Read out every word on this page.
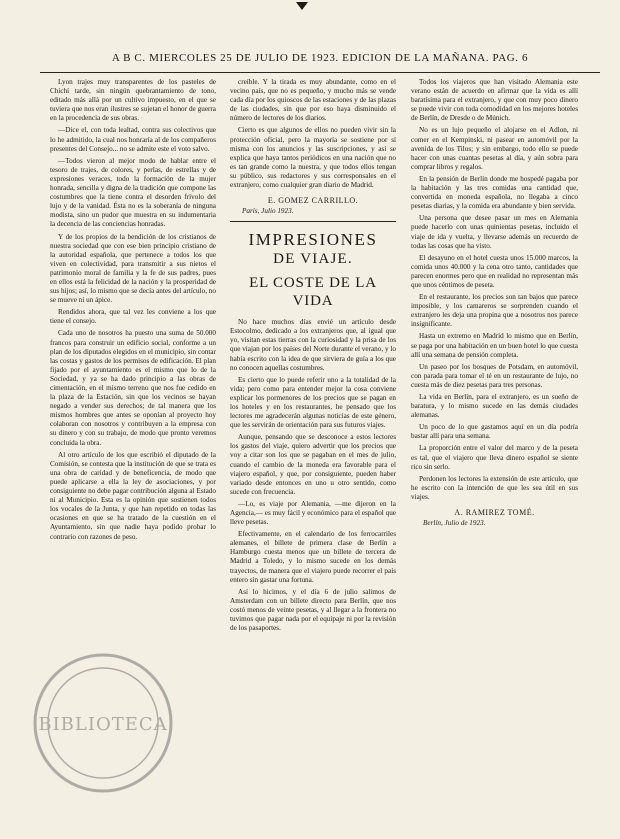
A B C. MIERCOLES 25 DE JULIO DE 1923. EDICION DE LA MAÑANA. PAG. 6

Lyon trajes muy transparentes de los pasteles de Chichí tarde, sin ningún quebrantamiento de tono, editado más allá por un cultivo impuesto, en el que se tuviera que nos eran ilustres se sujetan el honor de guerra en la procedencia de sus obras.

—Dice el, con toda lealtad, contra sus colectivos que lo he admitido, la cual nos honraría al de los compañeros presentes del Consejo... no se admite este el voto salvo.

—Todos vieron al mejor modo de hablar entre el tesoro de trajes, de colores, y perlas, de estrellas y de expresiones veraces, todo la formación de la mujer honrada, sencilla y digna de la tradición que compone las costumbres que la tiene contra el desorden frívolo del lujo y de la vanidad. Ésta no es la soberanía de ninguna modista, sino un pudor que muestra en su indumentaria la decencia de las conciencias honradas.

Y de los propios de la bendición de los cristianos de nuestra sociedad que con ese bien principio cristiano de la autoridad española, que pertenece a todos los que viven en colectividad, para transmitir a sus nietos el patrimonio moral de familia y la fe de sus padres, pues en ellos está la felicidad de la nación y la prosperidad de sus hijos; así, lo mismo que se decía antes del artículo, no se mueve ni un ápice.

Rendidos ahora, que tal vez les conviene a los que tiene el consejo.

Cada uno de nosotros ha puesto una suma de 50.000 francos para construir un edificio social, conforme a un plan de los diputados elegidos en el municipio, sin contar las costas y gastos de los permisos de edificación. El plan fijado por el ayuntamiento es el mismo que lo de la Sociedad, y ya se ha dado principio a las obras de cimentación, en el mismo terreno que nos fue cedido en la plaza de la Estación, sin que los vecinos se hayan negado a vender sus derechos; de tal manera que los mismos hombres que antes se oponían al proyecto hoy colaboran con nosotros y contribuyen a la empresa con su dinero y con su trabajo, de modo que pronto veremos concluida la obra.

Al otro artículo de los que escribió el diputado de la Comisión, se contesta que la institución de que se trata es una obra de caridad y de beneficencia, de modo que puede aplicarse a ella la ley de asociaciones, y por consiguiente no debe pagar contribución alguna al Estado ni al Municipio. Esta es la opinión que sostienen todos los vocales de la Junta, y que han repetido en todas las ocasiones en que se ha tratado de la cuestión en el Ayuntamiento, sin que nadie haya podido probar lo contrario con razones de peso.

creíble. Y la tirada es muy abundante, como en el vecino país, que no es pequeño, y mucho más se vende cada día por los quioscos de las estaciones y de las plazas de las ciudades, sin que por eso haya disminuido el número de lectores de los diarios.

Cierto es que algunos de ellos no pueden vivir sin la protección oficial, pero la mayoría se sostiene por sí misma con los anuncios y las suscripciones, y así se explica que haya tantos periódicos en una nación que no es tan grande como la nuestra, y que todos ellos tengan su público, sus redactores y sus corresponsales en el extranjero, como cualquier gran diario de Madrid.

E. GOMEZ CARRILLO.
París, Julio 1923.
IMPRESIONES
DE VIAJE.
EL COSTE DE LA VIDA

No hace muchos días envié un artículo desde Estocolmo, dedicado a los extranjeros que, al igual que yo, visitan estas tierras con la curiosidad y la prisa de los que viajan por los países del Norte durante el verano, y lo había escrito con la idea de que sirviera de guía a los que no conocen aquellas costumbres.

Es cierto que lo puede referir uno a la totalidad de la vida; pero como para entender mejor la cosa conviene explicar los pormenores de los precios que se pagan en los hoteles y en los restaurantes, he pensado que los lectores me agradecerán algunas noticias de este género, que les servirán de orientación para sus futuros viajes.

Aunque, pensando que se desconoce a estos lectores los gastos del viaje, quiero advertir que los precios que voy a citar son los que se pagaban en el mes de julio, cuando el cambio de la moneda era favorable para el viajero español, y que, por consiguiente, pueden haber variado desde entonces en uno u otro sentido, como sucede con frecuencia.

—Lo, es viaje por Alemania, —me dijeron en la Agencia,— es muy fácil y económico para el español que lleve pesetas.

Efectivamente, en el calendario de los ferrocarriles alemanes, el billete de primera clase de Berlín a Hamburgo cuesta menos que un billete de tercera de Madrid a Toledo, y lo mismo sucede en los demás trayectos, de manera que el viajero puede recorrer el país entero sin gastar una fortuna.

Así lo hicimos, y el día 6 de julio salimos de Amsterdam con un billete directo para Berlín, que nos costó menos de veinte pesetas, y al llegar a la frontera no tuvimos que pagar nada por el equipaje ni por la revisión de los pasaportes.

Todos los viajeros que han visitado Alemania este verano están de acuerdo en afirmar que la vida es allí baratísima para el extranjero, y que con muy poco dinero se puede vivir con toda comodidad en los mejores hoteles de Berlín, de Dresde o de Múnich.

No es un lujo pequeño el alojarse en el Adlon, ni comer en el Kempinski, ni pasear en automóvil por la avenida de los Tilos; y sin embargo, todo ello se puede hacer con unas cuantas pesetas al día, y aún sobra para comprar libros y regalos.

En la pensión de Berlín donde me hospedé pagaba por la habitación y las tres comidas una cantidad que, convertida en moneda española, no llegaba a cinco pesetas diarias, y la comida era abundante y bien servida.

Una persona que desee pasar un mes en Alemania puede hacerlo con unas quinientas pesetas, incluido el viaje de ida y vuelta, y llevarse además un recuerdo de todas las cosas que ha visto.

El desayuno en el hotel cuesta unos 15.000 marcos, la comida unos 40.000 y la cena otro tanto, cantidades que parecen enormes pero que en realidad no representan más que unos céntimos de peseta.

En el restaurante, los precios son tan bajos que parece imposible, y los camareros se sorprenden cuando el extranjero les deja una propina que a nosotros nos parece insignificante.

Hasta un extremo en Madrid lo mismo que en Berlín, se paga por una habitación en un buen hotel lo que cuesta allí una semana de pensión completa.

Un paseo por los bosques de Potsdam, en automóvil, con parada para tomar el té en un restaurante de lujo, no cuesta más de diez pesetas para tres personas.

La vida en Berlín, para el extranjero, es un sueño de baratura, y lo mismo sucede en las demás ciudades alemanas.

Un poco de lo que gastamos aquí en un día podría bastar allí para una semana.

La proporción entre el valor del marco y de la peseta es tal, que el viajero que lleva dinero español se siente rico sin serlo.

Perdonen los lectores la extensión de este artículo, que he escrito con la intención de que les sea útil en sus viajes.

A. RAMIREZ TOMÉ.
Berlín, Julio de 1923.
BIBLIOTECA
